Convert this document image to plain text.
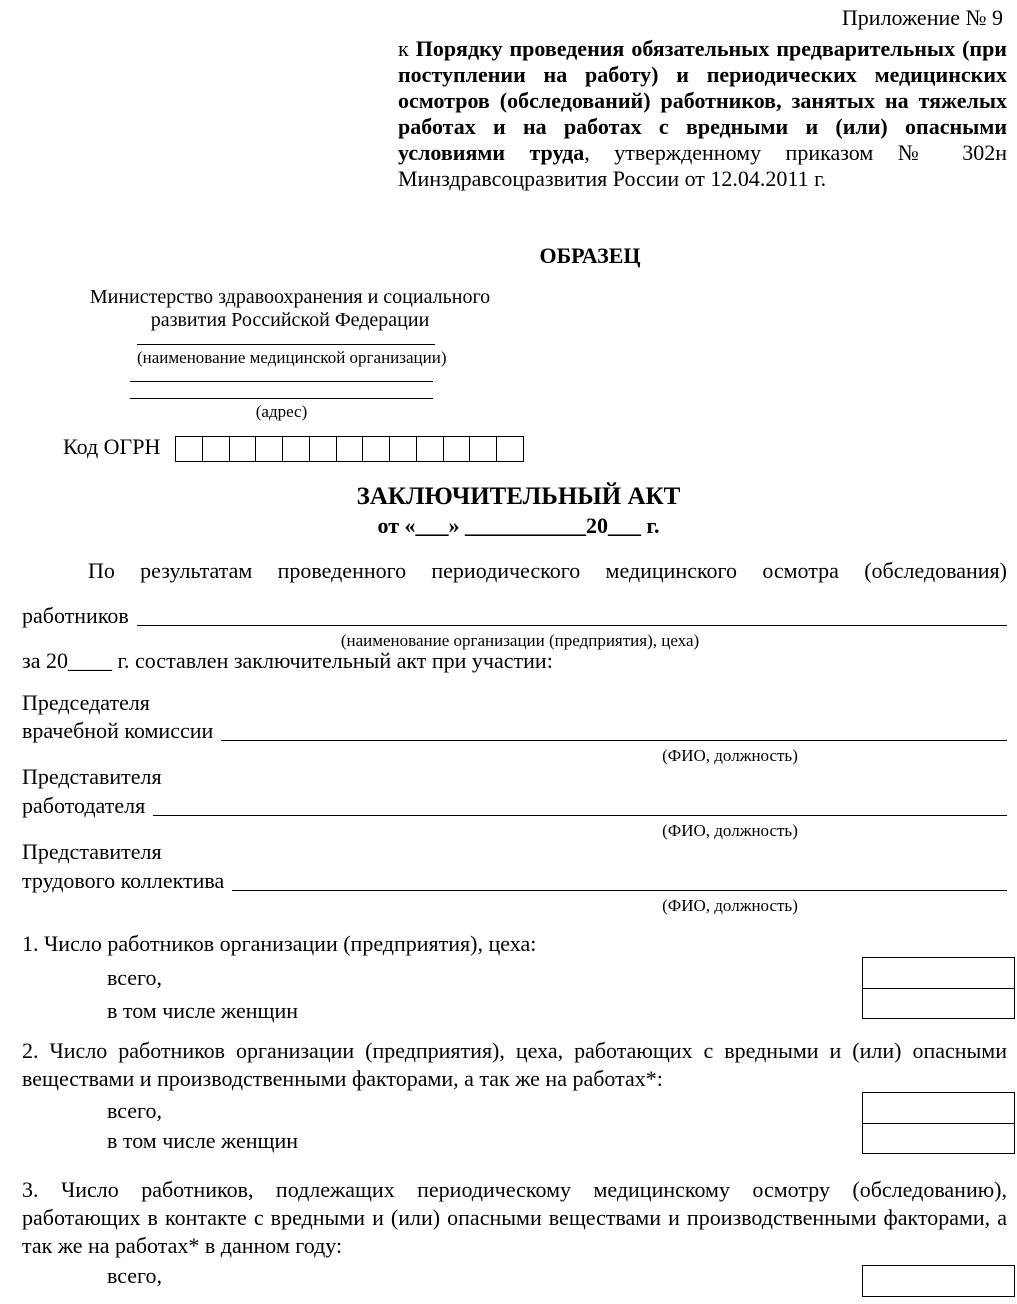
Приложение № 9
к Порядку проведения обязательных предварительных (при поступлении на работу) и периодических медицинских осмотров (обследований) работников, занятых на тяжелых работах и на работах с вредными и (или) опасными условиями труда, утвержденному приказом № 302н Минздравсоцразвития России от 12.04.2011 г.
ОБРАЗЕЦ
Министерство здравоохранения и социального
развития Российской Федерации
(наименование медицинской организации)
(адрес)
Код ОГРН
ЗАКЛЮЧИТЕЛЬНЫЙ АКТ
от «___» ___________20___ г.
По результатам проведенного периодического медицинского осмотра (обследования)
работников
(наименование организации (предприятия), цеха)
за 20____ г. составлен заключительный акт при участии:
Председателя
врачебной комиссии
(ФИО, должность)
Представителя
работодателя
(ФИО, должность)
Представителя
трудового коллектива
(ФИО, должность)
1. Число работников организации (предприятия), цеха:
всего,
в том числе женщин
2. Число работников организации (предприятия), цеха, работающих с вредными и (или) опасными веществами и производственными факторами, а так же на работах*:
всего,
в том числе женщин
3. Число работников, подлежащих периодическому медицинскому осмотру (обследованию), работающих в контакте с вредными и (или) опасными веществами и производственными факторами, а так же на работах* в данном году:
всего,
